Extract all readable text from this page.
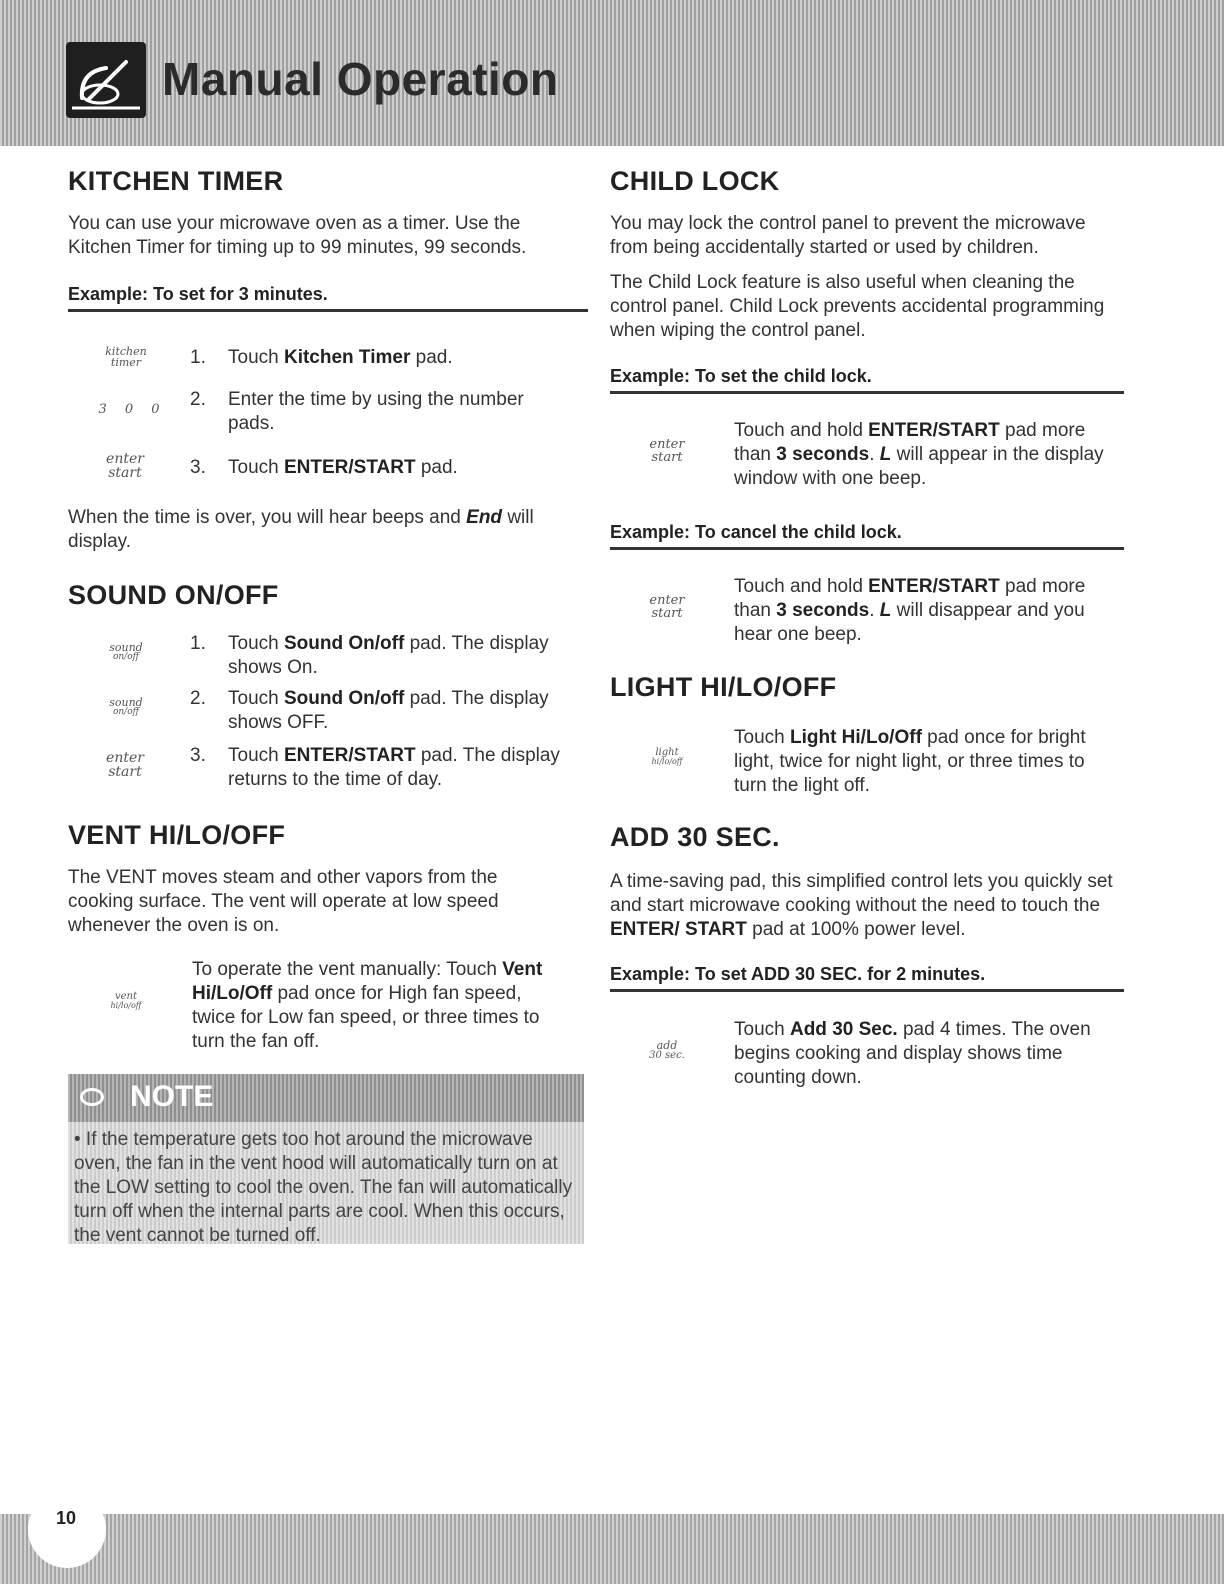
Manual Operation
KITCHEN TIMER

You can use your microwave oven as a timer. Use the Kitchen Timer for timing up to 99 minutes, 99 seconds.

Example: To set for 3 minutes.
kitchen
timer	1.	Touch Kitchen Timer pad.
3 0 0	2.	Enter the time by using the number pads.
enter
start	3.	Touch ENTER/START pad.

When the time is over, you will hear beeps and End will display.

SOUND ON/OFF
sound
on/off
1.	Touch Sound On/off pad. The display shows On.
sound
on/off
2.	Touch Sound On/off pad. The display shows OFF.
enter
start
3.	Touch ENTER/START pad. The display returns to the time of day.
VENT HI/LO/OFF

The VENT moves steam and other vapors from the cooking surface. The vent will operate at low speed whenever the oven is on.

vent
hi/lo/off

To operate the vent manually: Touch Vent Hi/Lo/Off pad once for High fan speed, twice for Low fan speed, or three times to turn the fan off.

NOTE
• If the temperature gets too hot around the microwave oven, the fan in the vent hood will automatically turn on at the LOW setting to cool the oven. The fan will automatically turn off when the internal parts are cool. When this occurs, the vent cannot be turned off.
CHILD LOCK

You may lock the control panel to prevent the microwave from being accidentally started or used by children.

The Child Lock feature is also useful when cleaning the control panel. Child Lock prevents accidental programming when wiping the control panel.

Example: To set the child lock.
enter
start

Touch and hold ENTER/START pad more than 3 seconds. L will appear in the display window with one beep.

Example: To cancel the child lock.
enter
start

Touch and hold ENTER/START pad more than 3 seconds. L will disappear and you hear one beep.

LIGHT HI/LO/OFF
light
hi/lo/off

Touch Light Hi/Lo/Off pad once for bright light, twice for night light, or three times to turn the light off.

ADD 30 SEC.

A time-saving pad, this simplified control lets you quickly set and start microwave cooking without the need to touch the ENTER/ START pad at 100% power level.

Example: To set ADD 30 SEC. for 2 minutes.
add
30 sec.

Touch Add 30 Sec. pad 4 times. The oven begins cooking and display shows time counting down.

10
